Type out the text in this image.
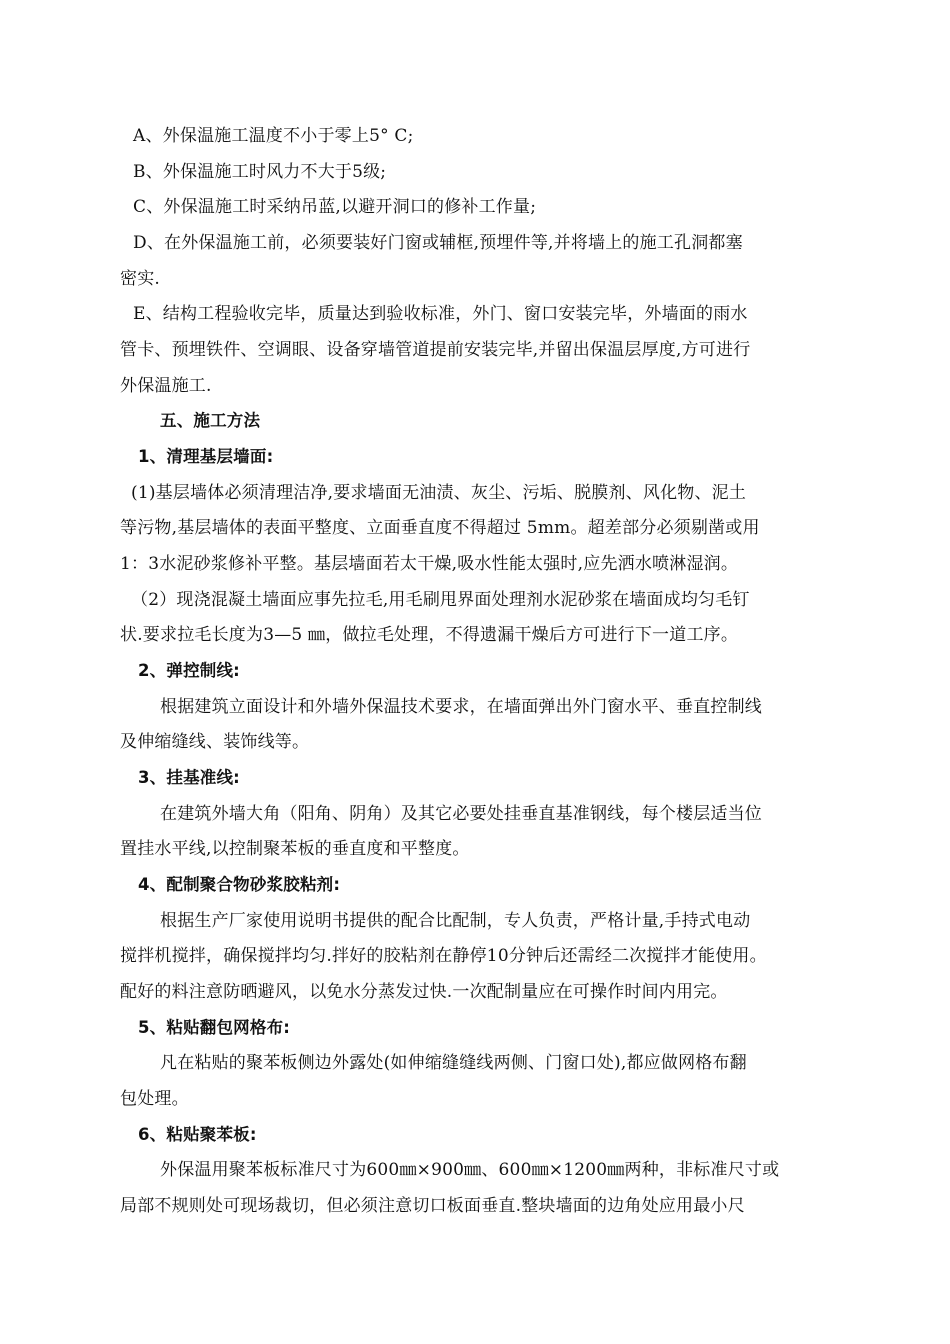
A、外保温施工温度不小于零上5° C;
B、外保温施工时风力不大于5级;
C、外保温施工时采纳吊蓝,以避开洞口的修补工作量;
D、在外保温施工前，必须要装好门窗或辅框,预埋件等,并将墙上的施工孔洞都塞
密实.
E、结构工程验收完毕，质量达到验收标准，外门、窗口安装完毕，外墙面的雨水
管卡、预埋铁件、空调眼、设备穿墙管道提前安装完毕,并留出保温层厚度,方可进行
外保温施工.
五、施工方法
1、清理基层墙面:
(1)基层墙体必须清理洁净,要求墙面无油渍、灰尘、污垢、脱膜剂、风化物、泥土
等污物,基层墙体的表面平整度、立面垂直度不得超过 5mm。超差部分必须剔凿或用
1：3水泥砂浆修补平整。基层墙面若太干燥,吸水性能太强时,应先洒水喷淋湿润。
（2）现浇混凝土墙面应事先拉毛,用毛刷甩界面处理剂水泥砂浆在墙面成均匀毛钉
状.要求拉毛长度为3—5 ㎜，做拉毛处理，不得遗漏干燥后方可进行下一道工序。
2、弹控制线:
根据建筑立面设计和外墙外保温技术要求，在墙面弹出外门窗水平、垂直控制线
及伸缩缝线、装饰线等。
3、挂基准线:
在建筑外墙大角（阳角、阴角）及其它必要处挂垂直基准钢线，每个楼层适当位
置挂水平线,以控制聚苯板的垂直度和平整度。
4、配制聚合物砂浆胶粘剂:
根据生产厂家使用说明书提供的配合比配制，专人负责，严格计量,手持式电动
搅拌机搅拌，确保搅拌均匀.拌好的胶粘剂在静停10分钟后还需经二次搅拌才能使用。
配好的料注意防晒避风，以免水分蒸发过快.一次配制量应在可操作时间内用完。
5、粘贴翻包网格布:
凡在粘贴的聚苯板侧边外露处(如伸缩缝缝线两侧、门窗口处),都应做网格布翻
包处理。
6、粘贴聚苯板:
外保温用聚苯板标准尺寸为600㎜×900㎜、600㎜×1200㎜两种，非标准尺寸或
局部不规则处可现场裁切，但必须注意切口板面垂直.整块墙面的边角处应用最小尺
